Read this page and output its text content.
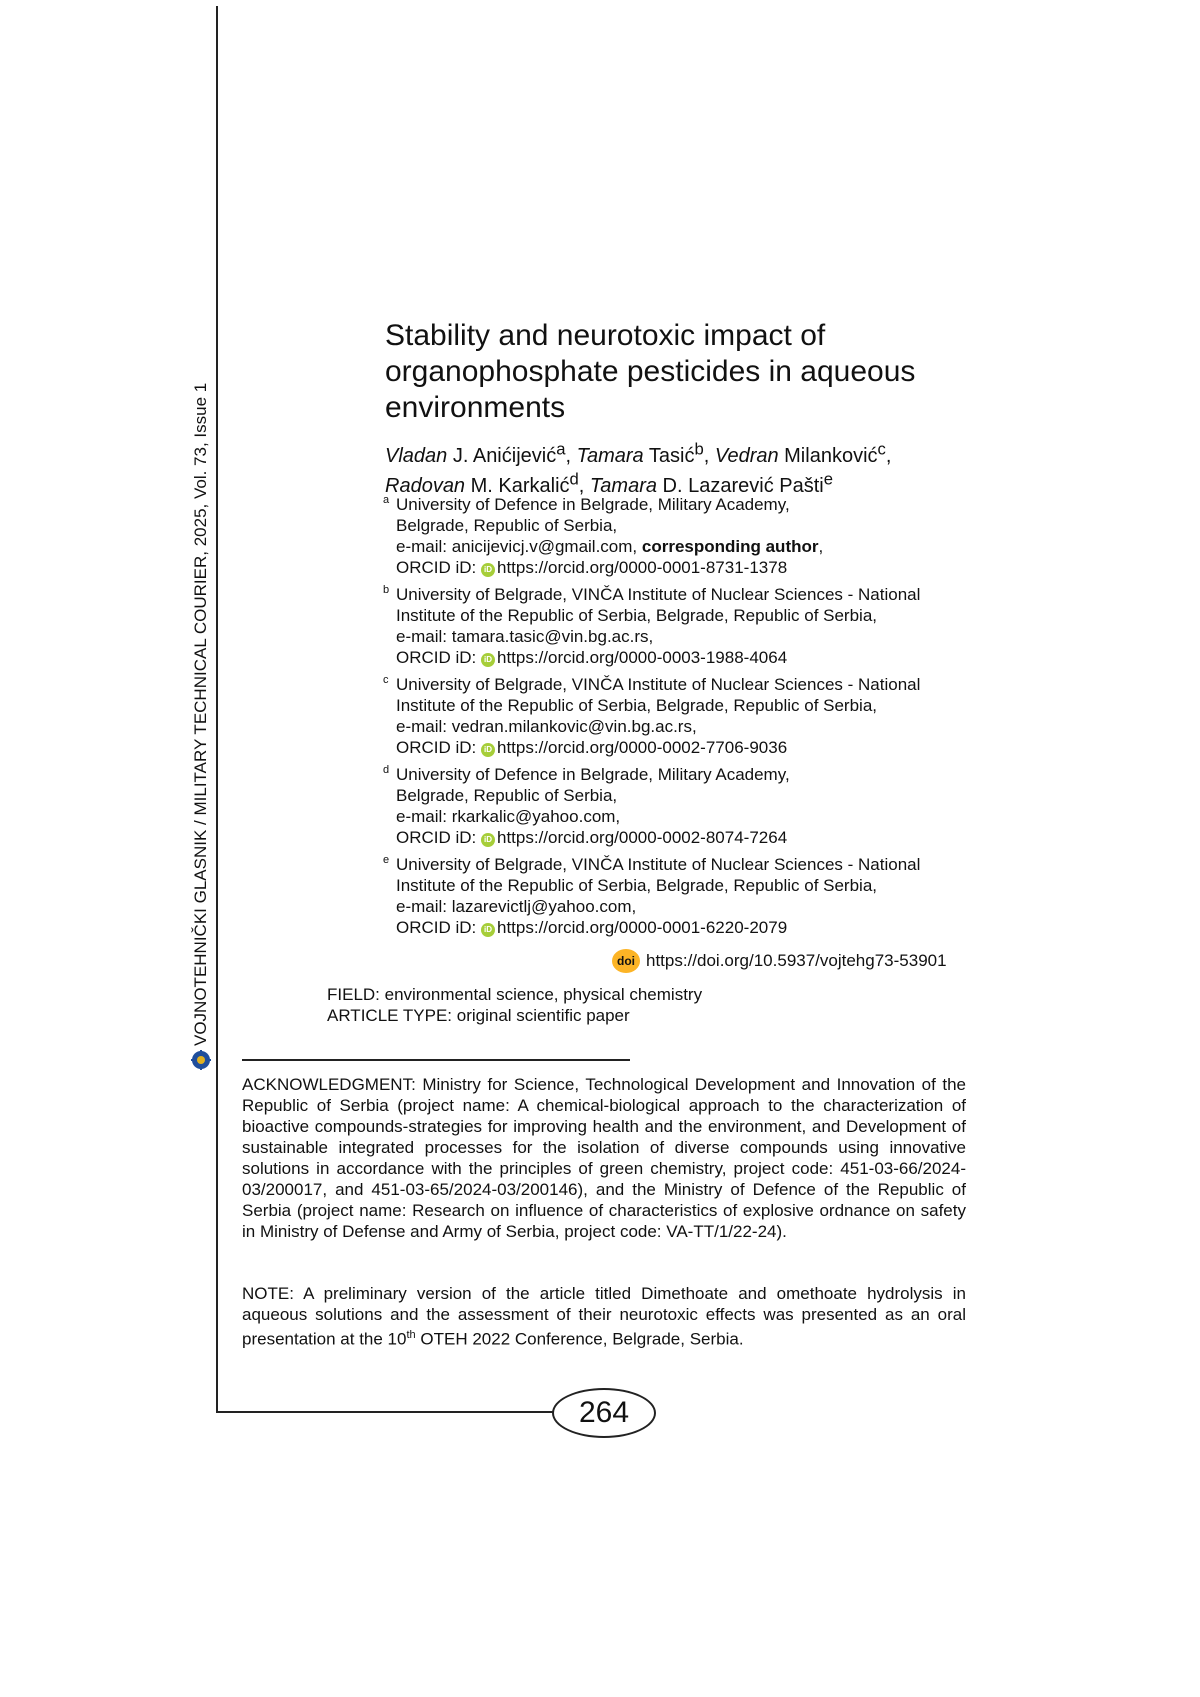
264
VOJNOTEHNIČKI GLASNIK / MILITARY TECHNICAL COURIER, 2025, Vol. 73, Issue 1
Stability and neurotoxic impact of
organophosphate pesticides in aqueous
environments
Vladan J. Anićijević$^a$, Tamara Tasić$^b$, Vedran Milanković$^c$,
Radovan M. Karkalić$^d$, Tamara D. Lazarević Pašti$^e$
a University of Defence in Belgrade, Military Academy,
Belgrade, Republic of Serbia,
e-mail: anicijevicj.v@gmail.com, corresponding author,
ORCID iD: iD https://orcid.org/0000-0001-8731-1378
b University of Belgrade, VINČA Institute of Nuclear Sciences - National
Institute of the Republic of Serbia, Belgrade, Republic of Serbia,
e-mail: tamara.tasic@vin.bg.ac.rs,
ORCID iD: iD https://orcid.org/0000-0003-1988-4064
c University of Belgrade, VINČA Institute of Nuclear Sciences - National
Institute of the Republic of Serbia, Belgrade, Republic of Serbia,
e-mail: vedran.milankovic@vin.bg.ac.rs,
ORCID iD: iD https://orcid.org/0000-0002-7706-9036
d University of Defence in Belgrade, Military Academy,
Belgrade, Republic of Serbia,
e-mail: rkarkalic@yahoo.com,
ORCID iD: iD https://orcid.org/0000-0002-8074-7264
e University of Belgrade, VINČA Institute of Nuclear Sciences - National
Institute of the Republic of Serbia, Belgrade, Republic of Serbia,
e-mail: lazarevictlj@yahoo.com,
ORCID iD: iD https://orcid.org/0000-0001-6220-2079
doi https://doi.org/10.5937/vojtehg73-53901
FIELD: environmental science, physical chemistry
ARTICLE TYPE: original scientific paper

ACKNOWLEDGMENT: Ministry for Science, Technological Development and Innovation of the Republic of Serbia (project name: A chemical-biological approach to the characterization of bioactive compounds-strategies for improving health and the environment, and Development of sustainable integrated processes for the isolation of diverse compounds using innovative solutions in accordance with the principles of green chemistry, project code: 451-03-66/2024-03/200017, and 451-03-65/2024-03/200146), and the Ministry of Defence of the Republic of Serbia (project name: Research on influence of characteristics of explosive ordnance on safety in Ministry of Defense and Army of Serbia, project code: VA-TT/1/22-24).

NOTE: A preliminary version of the article titled Dimethoate and omethoate hydrolysis in aqueous solutions and the assessment of their neurotoxic effects was presented as an oral presentation at the 10th OTEH 2022 Conference, Belgrade, Serbia.
